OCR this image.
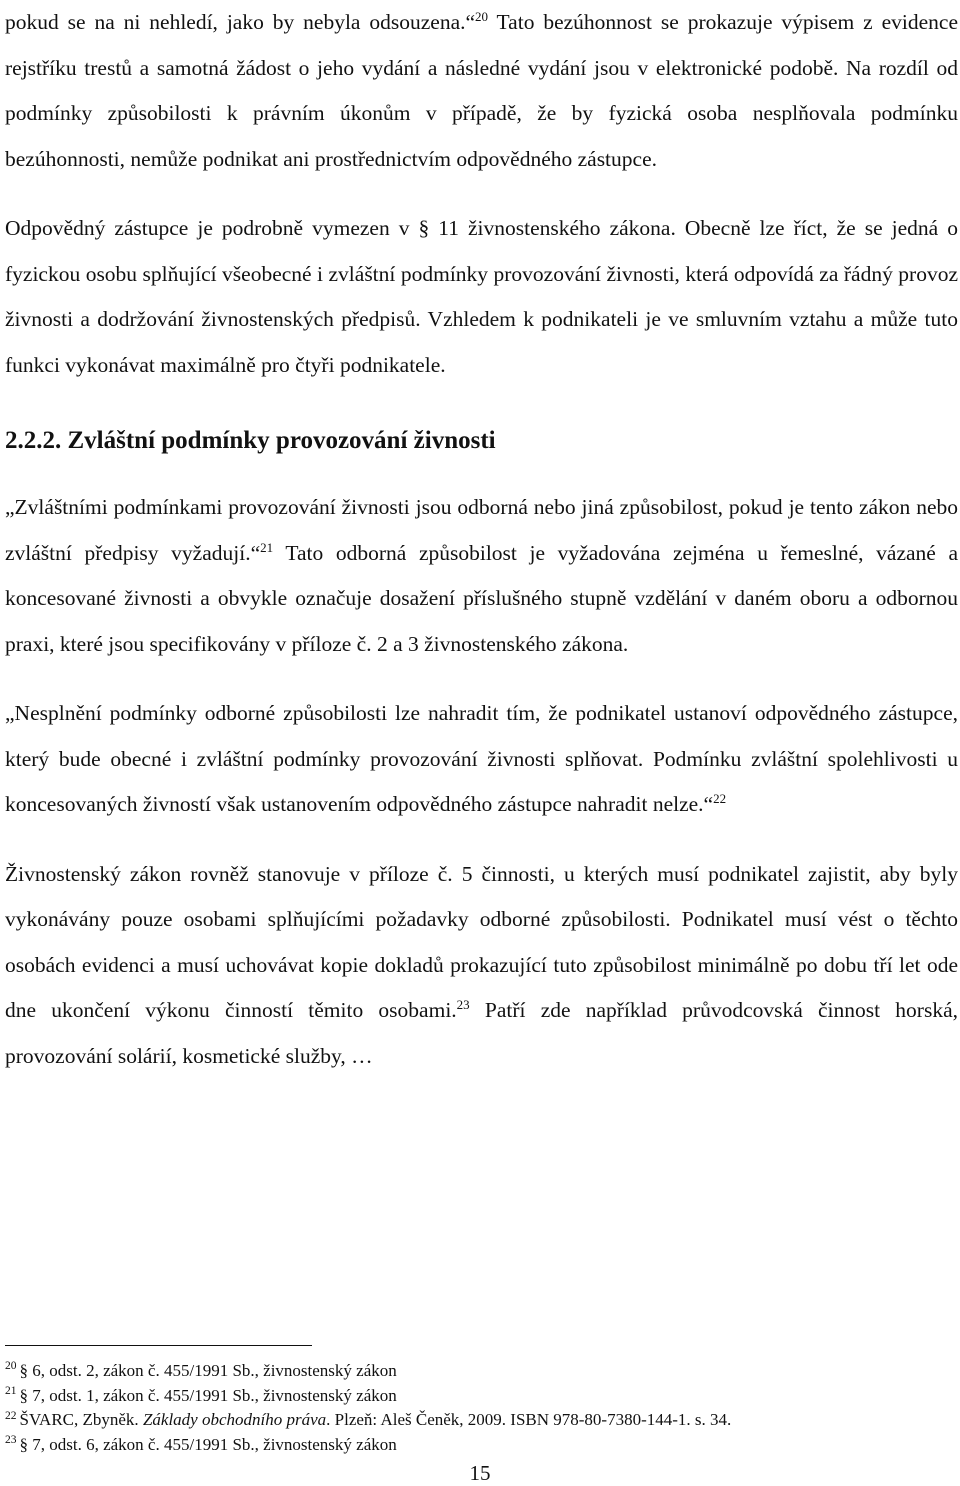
pokud se na ni nehledí, jako by nebyla odsouzena.“$^{20}$ Tato bezúhonnost se prokazuje výpisem z evidence rejstříku trestů a samotná žádost o jeho vydání a následné vydání jsou v elektronické podobě. Na rozdíl od podmínky způsobilosti k právním úkonům v případě, že by fyzická osoba nesplňovala podmínku bezúhonnosti, nemůže podnikat ani prostřednictvím odpovědného zástupce.

Odpovědný zástupce je podrobně vymezen v § 11 živnostenského zákona. Obecně lze říct, že se jedná o fyzickou osobu splňující všeobecné i zvláštní podmínky provozování živnosti, která odpovídá za řádný provoz živnosti a dodržování živnostenských předpisů. Vzhledem k podnikateli je ve smluvním vztahu a může tuto funkci vykonávat maximálně pro čtyři podnikatele.

2.2.2. Zvláštní podmínky provozování živnosti

„Zvláštními podmínkami provozování živnosti jsou odborná nebo jiná způsobilost, pokud je tento zákon nebo zvláštní předpisy vyžadují.“$^{21}$ Tato odborná způsobilost je vyžadována zejména u řemeslné, vázané a koncesované živnosti a obvykle označuje dosažení příslušného stupně vzdělání v daném oboru a odbornou praxi, které jsou specifikovány v příloze č. 2 a 3 živnostenského zákona.

„Nesplnění podmínky odborné způsobilosti lze nahradit tím, že podnikatel ustanoví odpovědného zástupce, který bude obecné i zvláštní podmínky provozování živnosti splňovat. Podmínku zvláštní spolehlivosti u koncesovaných živností však ustanovením odpovědného zástupce nahradit nelze.“$^{22}$

Živnostenský zákon rovněž stanovuje v příloze č. 5 činnosti, u kterých musí podnikatel zajistit, aby byly vykonávány pouze osobami splňujícími požadavky odborné způsobilosti. Podnikatel musí vést o těchto osobách evidenci a musí uchovávat kopie dokladů prokazující tuto způsobilost minimálně po dobu tří let ode dne ukončení výkonu činností těmito osobami.$^{23}$ Patří zde například průvodcovská činnost horská, provozování solárií, kosmetické služby, …

$^{20}$ § 6, odst. 2, zákon č. 455/1991 Sb., živnostenský zákon

$^{21}$ § 7, odst. 1, zákon č. 455/1991 Sb., živnostenský zákon

$^{22}$ ŠVARC, Zbyněk. Základy obchodního práva. Plzeň: Aleš Čeněk, 2009. ISBN 978-80-7380-144-1. s. 34.

$^{23}$ § 7, odst. 6, zákon č. 455/1991 Sb., živnostenský zákon

15
